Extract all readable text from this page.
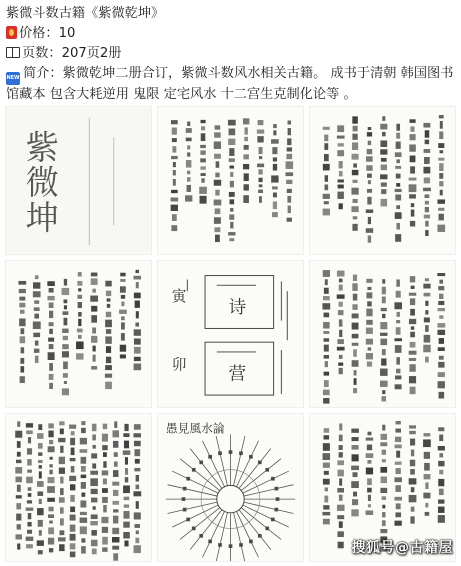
紫微斗数古籍《紫微乾坤》
价格：10
页数：207页2册
NEW 简介：紫微乾坤二册合订，紫微斗数风水相关古籍。 成书于清朝 韩国图书馆藏本 包含大耗逆用 鬼限 定宅风水 十二宫生克制化论等 。
紫
微
坤
诗
营
寅
卯
愚見風水論
搜狐号@古籍屋
